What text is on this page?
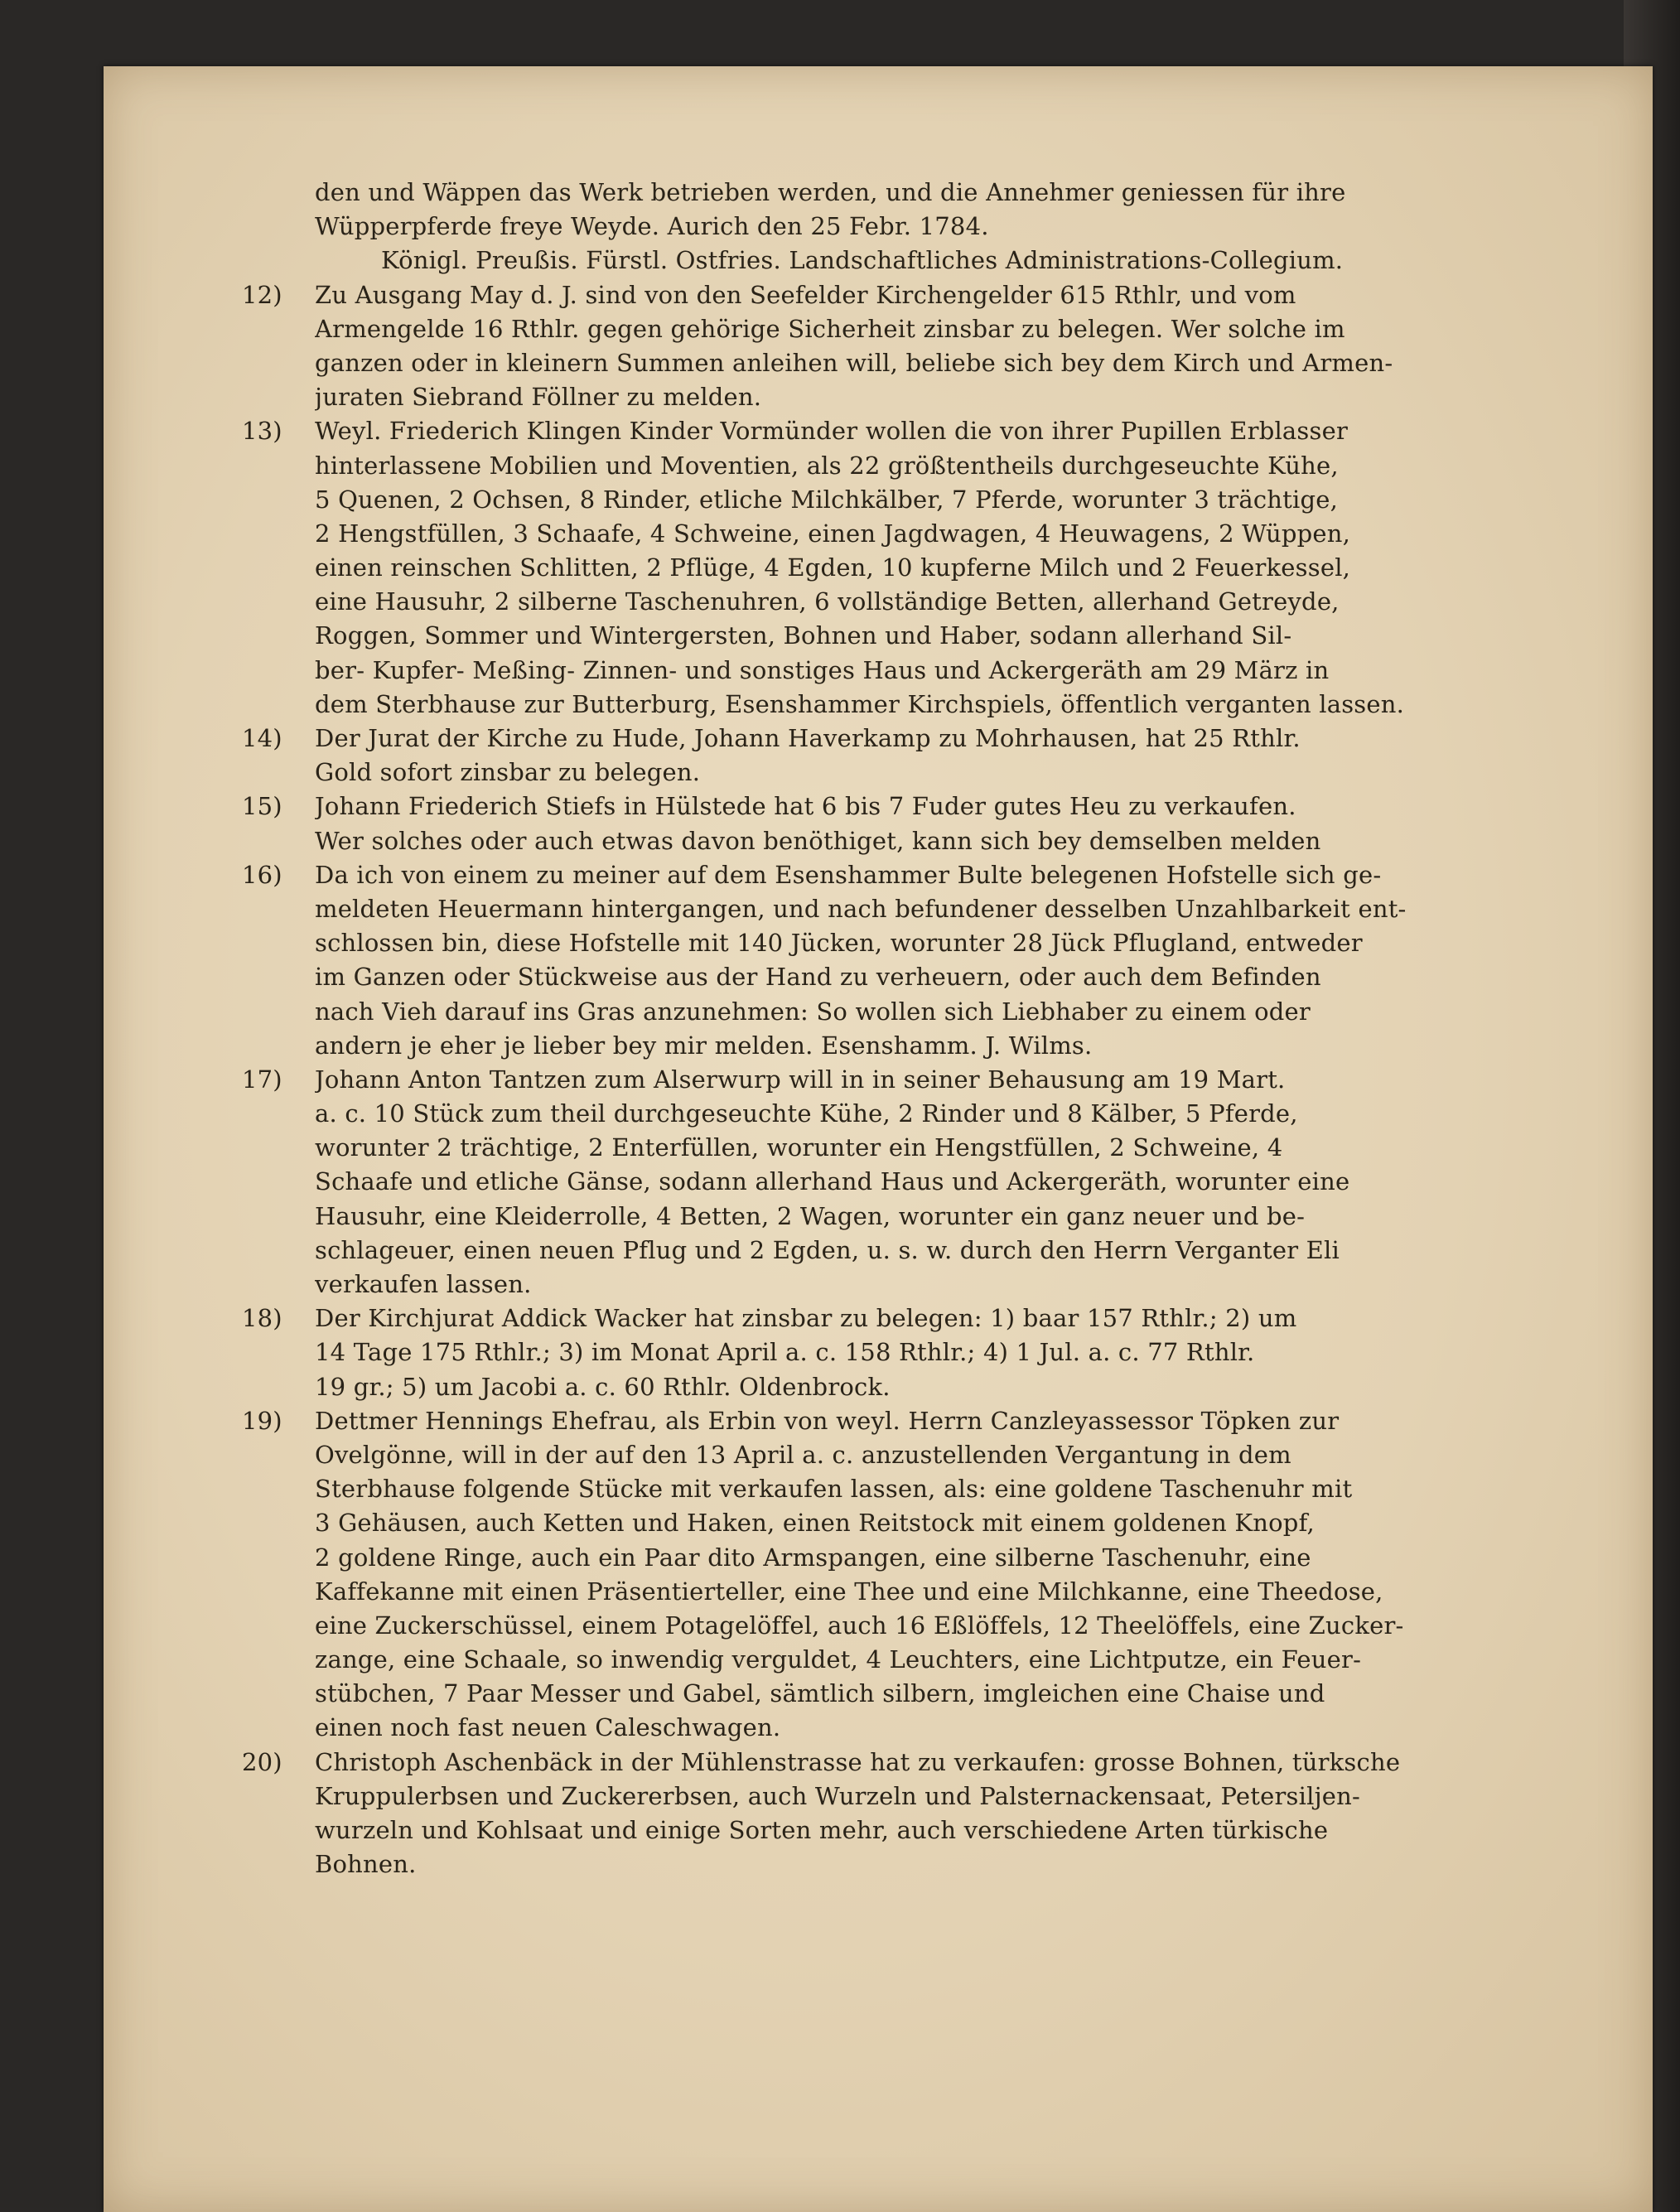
den und Wäppen das Werk betrieben werden, und die Annehmer geniessen für ihre
Wüpperpferde freye Weyde. Aurich den 25 Febr. 1784.
Königl. Preußis. Fürstl. Ostfries. Landschaftliches Administrations-Collegium.
12)	Zu Ausgang May d. J. sind von den Seefelder Kirchengelder 615 Rthlr, und vom
Armengelde 16 Rthlr. gegen gehörige Sicherheit zinsbar zu belegen. Wer solche im
ganzen oder in kleinern Summen anleihen will, beliebe sich bey dem Kirch und Armen-
juraten Siebrand Föllner zu melden.
13)	Weyl. Friederich Klingen Kinder Vormünder wollen die von ihrer Pupillen Erblasser
hinterlassene Mobilien und Moventien, als 22 größtentheils durchgeseuchte Kühe,
5 Quenen, 2 Ochsen, 8 Rinder, etliche Milchkälber, 7 Pferde, worunter 3 trächtige,
2 Hengstfüllen, 3 Schaafe, 4 Schweine, einen Jagdwagen, 4 Heuwagens, 2 Wüppen,
einen reinschen Schlitten, 2 Pflüge, 4 Egden, 10 kupferne Milch und 2 Feuerkessel,
eine Hausuhr, 2 silberne Taschenuhren, 6 vollständige Betten, allerhand Getreyde,
Roggen, Sommer und Wintergersten, Bohnen und Haber, sodann allerhand Sil-
ber- Kupfer- Meßing- Zinnen- und sonstiges Haus und Ackergeräth am 29 März in
dem Sterbhause zur Butterburg, Esenshammer Kirchspiels, öffentlich verganten lassen.
14)	Der Jurat der Kirche zu Hude, Johann Haverkamp zu Mohrhausen, hat 25 Rthlr.
Gold sofort zinsbar zu belegen.
15)	Johann Friederich Stiefs in Hülstede hat 6 bis 7 Fuder gutes Heu zu verkaufen.
Wer solches oder auch etwas davon benöthiget, kann sich bey demselben melden
16)	Da ich von einem zu meiner auf dem Esenshammer Bulte belegenen Hofstelle sich ge-
meldeten Heuermann hintergangen, und nach befundener desselben Unzahlbarkeit ent-
schlossen bin, diese Hofstelle mit 140 Jücken, worunter 28 Jück Pflugland, entweder
im Ganzen oder Stückweise aus der Hand zu verheuern, oder auch dem Befinden
nach Vieh darauf ins Gras anzunehmen: So wollen sich Liebhaber zu einem oder
andern je eher je lieber bey mir melden. Esenshamm. J. Wilms.
17)	Johann Anton Tantzen zum Alserwurp will in in seiner Behausung am 19 Mart.
a. c. 10 Stück zum theil durchgeseuchte Kühe, 2 Rinder und 8 Kälber, 5 Pferde,
worunter 2 trächtige, 2 Enterfüllen, worunter ein Hengstfüllen, 2 Schweine, 4
Schaafe und etliche Gänse, sodann allerhand Haus und Ackergeräth, worunter eine
Hausuhr, eine Kleiderrolle, 4 Betten, 2 Wagen, worunter ein ganz neuer und be-
schlageuer, einen neuen Pflug und 2 Egden, u. s. w. durch den Herrn Verganter Eli
verkaufen lassen.
18)	Der Kirchjurat Addick Wacker hat zinsbar zu belegen: 1) baar 157 Rthlr.; 2) um
14 Tage 175 Rthlr.; 3) im Monat April a. c. 158 Rthlr.; 4) 1 Jul. a. c. 77 Rthlr.
19 gr.; 5) um Jacobi a. c. 60 Rthlr. Oldenbrock.
19)	Dettmer Hennings Ehefrau, als Erbin von weyl. Herrn Canzleyassessor Töpken zur
Ovelgönne, will in der auf den 13 April a. c. anzustellenden Vergantung in dem
Sterbhause folgende Stücke mit verkaufen lassen, als: eine goldene Taschenuhr mit
3 Gehäusen, auch Ketten und Haken, einen Reitstock mit einem goldenen Knopf,
2 goldene Ringe, auch ein Paar dito Armspangen, eine silberne Taschenuhr, eine
Kaffekanne mit einen Präsentierteller, eine Thee und eine Milchkanne, eine Theedose,
eine Zuckerschüssel, einem Potagelöffel, auch 16 Eßlöffels, 12 Theelöffels, eine Zucker-
zange, eine Schaale, so inwendig verguldet, 4 Leuchters, eine Lichtputze, ein Feuer-
stübchen, 7 Paar Messer und Gabel, sämtlich silbern, imgleichen eine Chaise und
einen noch fast neuen Caleschwagen.
20)	Christoph Aschenbäck in der Mühlenstrasse hat zu verkaufen: grosse Bohnen, türksche
Kruppulerbsen und Zuckererbsen, auch Wurzeln und Palsternackensaat, Petersiljen-
wurzeln und Kohlsaat und einige Sorten mehr, auch verschiedene Arten türkische
Bohnen.
